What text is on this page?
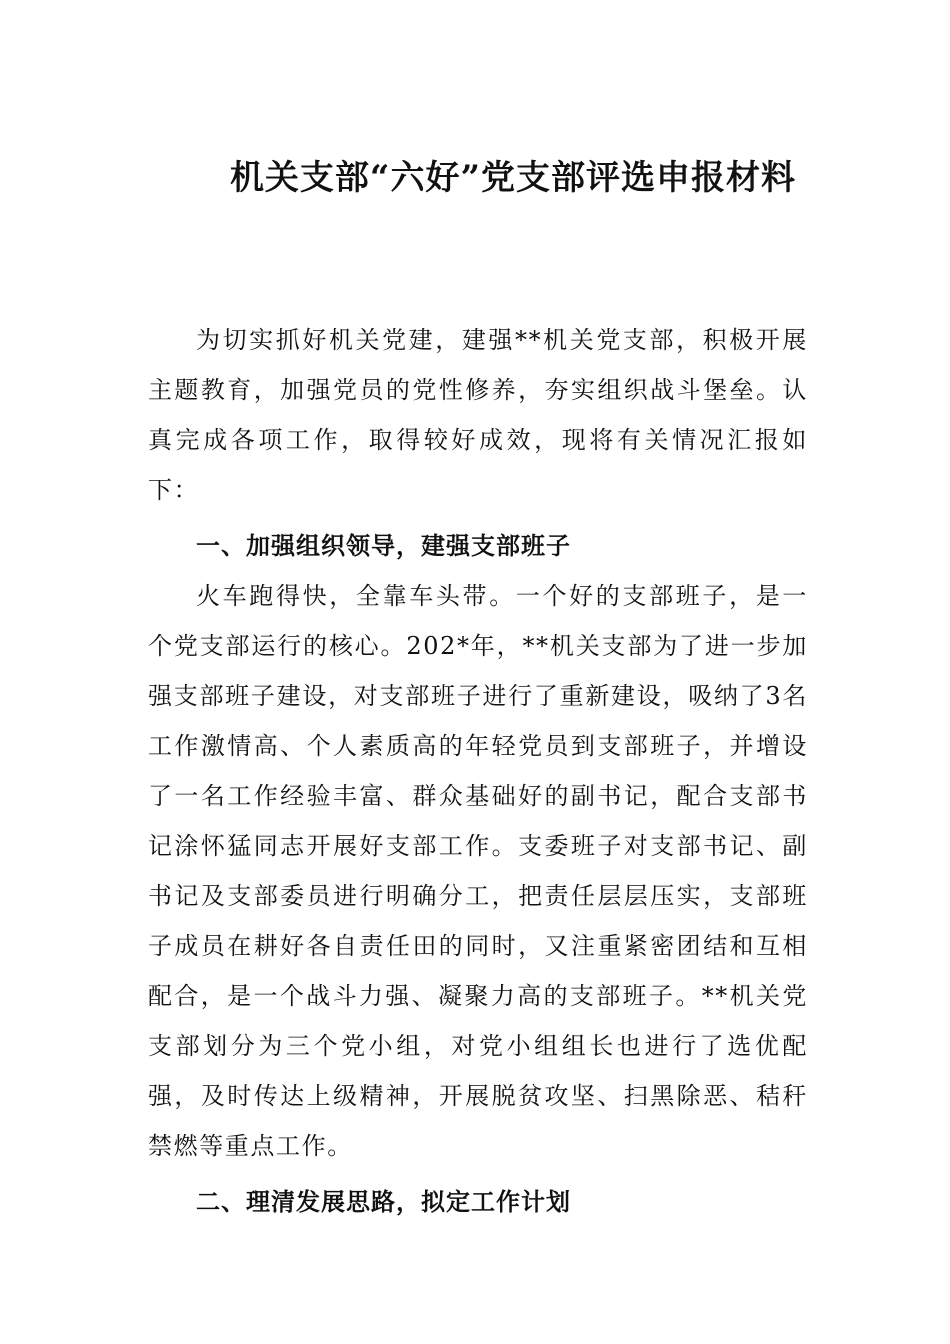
机关支部“六好”党支部评选申报材料

为切实抓好机关党建，建强**机关党支部，积极开展主题教育，加强党员的党性修养，夯实组织战斗堡垒。认真完成各项工作，取得较好成效，现将有关情况汇报如下：

一、加强组织领导，建强支部班子

火车跑得快，全靠车头带。一个好的支部班子，是一个党支部运行的核心。202*年，**机关支部为了进一步加强支部班子建设，对支部班子进行了重新建设，吸纳了3名工作激情高、个人素质高的年轻党员到支部班子，并增设了一名工作经验丰富、群众基础好的副书记，配合支部书记涂怀猛同志开展好支部工作。支委班子对支部书记、副书记及支部委员进行明确分工，把责任层层压实，支部班子成员在耕好各自责任田的同时，又注重紧密团结和互相配合，是一个战斗力强、凝聚力高的支部班子。**机关党支部划分为三个党小组，对党小组组长也进行了选优配强，及时传达上级精神，开展脱贫攻坚、扫黑除恶、秸秆禁燃等重点工作。

二、理清发展思路，拟定工作计划
